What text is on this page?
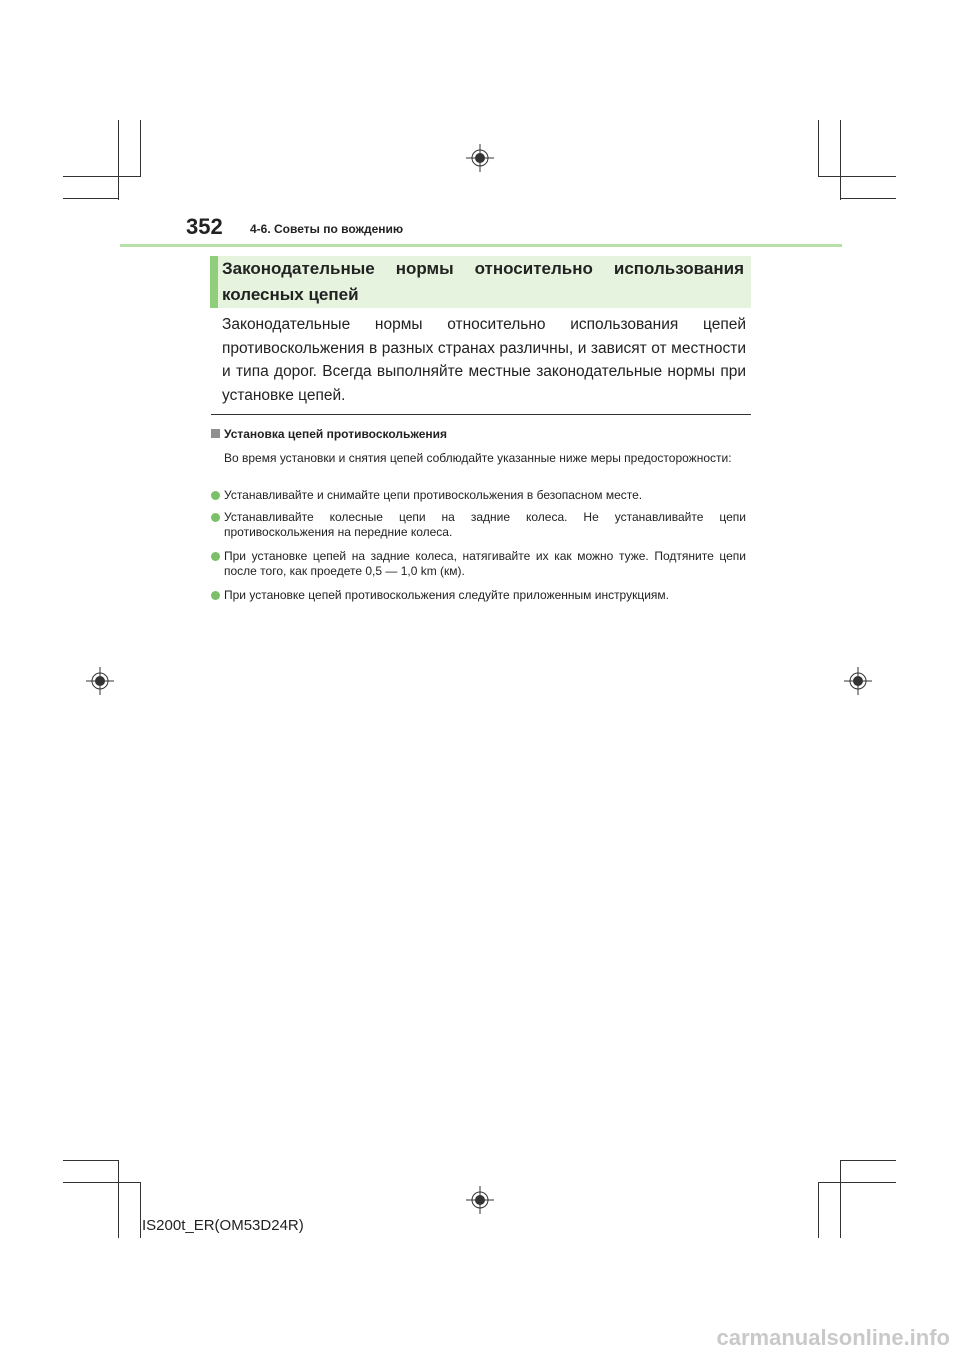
352 4-6. Советы по вождению
Законодательные нормы относительно использования колесных цепей
Законодательные нормы относительно использования цепей противоскольжения в разных странах различны, и зависят от местности и типа дорог. Всегда выполняйте местные законодательные нормы при установке цепей.
Установка цепей противоскольжения
Во время установки и снятия цепей соблюдайте указанные ниже меры предосторожности:
Устанавливайте и снимайте цепи противоскольжения в безопасном месте.
Устанавливайте колесные цепи на задние колеса. Не устанавливайте цепи противоскольжения на передние колеса.
При установке цепей на задние колеса, натягивайте их как можно туже. Подтяните цепи после того, как проедете 0,5 — 1,0 km (км).
При установке цепей противоскольжения следуйте приложенным инструкциям.
IS200t_ER(OM53D24R)
carmanualsonline.info
